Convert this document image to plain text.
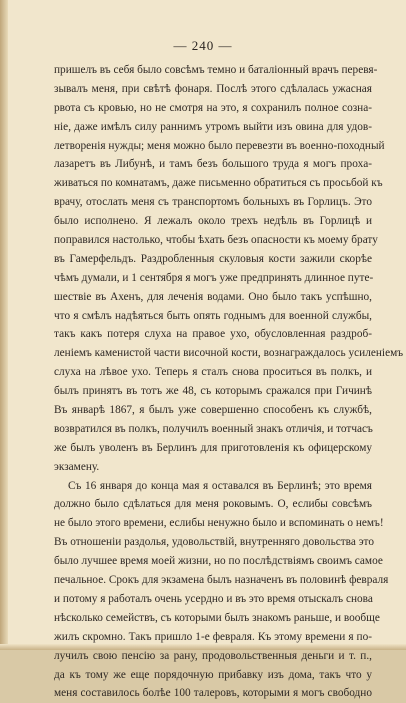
— 240 —
пришелъ въ себя было совсѣмъ темно и баталіонный врачъ перевя-
зывалъ меня, при свѣтѣ фонаря. Послѣ этого сдѣлалась ужасная
рвота съ кровью, но не смотря на это, я сохранилъ полное созна-
ніе, даже имѣлъ силу раннимъ утромъ выйти изъ овина для удов-
летворенія нужды; меня можно было перевезти въ военно-походный
лазаретъ въ Либунѣ, и тамъ безъ большого труда я могъ прохa-
живаться по комнатамъ, даже письменно обратиться съ просьбой къ
врачу, отослать меня съ транспортомъ больныхъ въ Горлицъ. Это
было исполнено. Я лежалъ около трехъ недѣль въ Горлицѣ и
поправился настолько, чтобы ѣхать безъ опасности къ моему брату
въ Гамерфельдъ. Раздробленныя скуловыя кости зажили скорѣе
чѣмъ думали, и 1 сентября я могъ уже предпринять длинное путе-
шествіе въ Ахенъ, для леченія водами. Оно было такъ успѣшно,
что я смѣлъ надѣяться быть опять годнымъ для военной службы,
такъ какъ потеря слуха на правое ухо, обусловленная раздроб-
леніемъ каменистой части височной кости, вознаграждалось усиленіемъ
слуха на лѣвое ухо. Теперь я сталъ снова проситься въ полкъ, и
былъ принятъ въ тотъ же 48, съ которымъ сражался при Гичинѣ
Въ январѣ 1867, я былъ уже совершенно способенъ къ службѣ,
возвратился въ полкъ, получилъ военный знакъ отличія, и тотчасъ
же былъ уволенъ въ Берлинъ для приготовленія къ офицерскому
экзамену.
Съ 16 января до конца мая я оставался въ Берлинѣ; это время
должно было сдѣлаться для меня роковымъ. О, еслибы совсѣмъ
не было этого времени, еслибы ненужно было и вспоминать о немъ!
Въ отношеніи раздолья, удовольствій, внутренняго довольства это
было лучшее время моей жизни, но по послѣдствіямъ своимъ самое
печальное. Срокъ для экзамена былъ назначенъ въ половинѣ февраля
и потому я работалъ очень усердно и въ это время отыскалъ снова
нѣсколько семействъ, съ которыми былъ знакомъ раньше, и вообще
жилъ скромно. Такъ пришло 1-е февраля. Къ этому времени я по-
лучилъ свою пенсію за рану, продовольственныя деньги и т. п.,
да къ тому же еще порядочную прибавку изъ дома, такъ что у
меня составилось болѣе 100 талеровъ, которыми я могъ свободно
